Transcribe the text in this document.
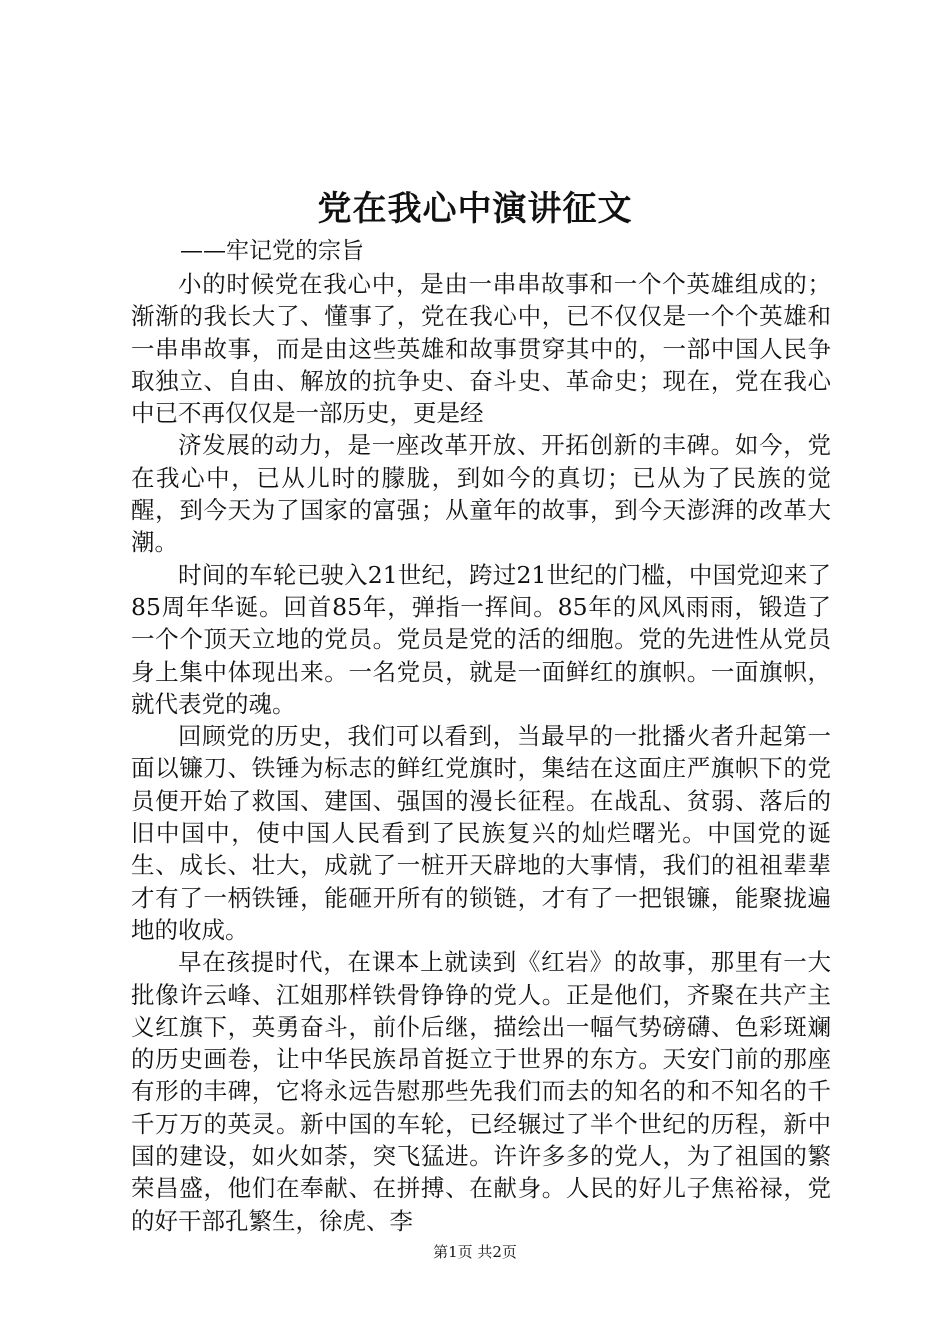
党在我心中演讲征文
——牢记党的宗旨

小的时候党在我心中，是由一串串故事和一个个英雄组成的；渐渐的我长大了、懂事了，党在我心中，已不仅仅是一个个英雄和一串串故事，而是由这些英雄和故事贯穿其中的，一部中国人民争取独立、自由、解放的抗争史、奋斗史、革命史；现在，党在我心中已不再仅仅是一部历史，更是经

济发展的动力，是一座改革开放、开拓创新的丰碑。如今，党在我心中，已从儿时的朦胧，到如今的真切；已从为了民族的觉醒，到今天为了国家的富强；从童年的故事，到今天澎湃的改革大潮。

时间的车轮已驶入21世纪，跨过21世纪的门槛，中国党迎来了85周年华诞。回首85年，弹指一挥间。85年的风风雨雨，锻造了一个个顶天立地的党员。党员是党的活的细胞。党的先进性从党员身上集中体现出来。一名党员，就是一面鲜红的旗帜。一面旗帜，就代表党的魂。

回顾党的历史，我们可以看到，当最早的一批播火者升起第一面以镰刀、铁锤为标志的鲜红党旗时，集结在这面庄严旗帜下的党员便开始了救国、建国、强国的漫长征程。在战乱、贫弱、落后的旧中国中，使中国人民看到了民族复兴的灿烂曙光。中国党的诞生、成长、壮大，成就了一桩开天辟地的大事情，我们的祖祖辈辈才有了一柄铁锤，能砸开所有的锁链，才有了一把银镰，能聚拢遍地的收成。

早在孩提时代，在课本上就读到《红岩》的故事，那里有一大批像许云峰、江姐那样铁骨铮铮的党人。正是他们，齐聚在共产主义红旗下，英勇奋斗，前仆后继，描绘出一幅气势磅礴、色彩斑斓的历史画卷，让中华民族昂首挺立于世界的东方。天安门前的那座有形的丰碑，它将永远告慰那些先我们而去的知名的和不知名的千千万万的英灵。新中国的车轮，已经辗过了半个世纪的历程，新中国的建设，如火如荼，突飞猛进。许许多多的党人，为了祖国的繁荣昌盛，他们在奉献、在拼搏、在献身。人民的好儿子焦裕禄，党的好干部孔繁生，徐虎、李

第1页 共2页
